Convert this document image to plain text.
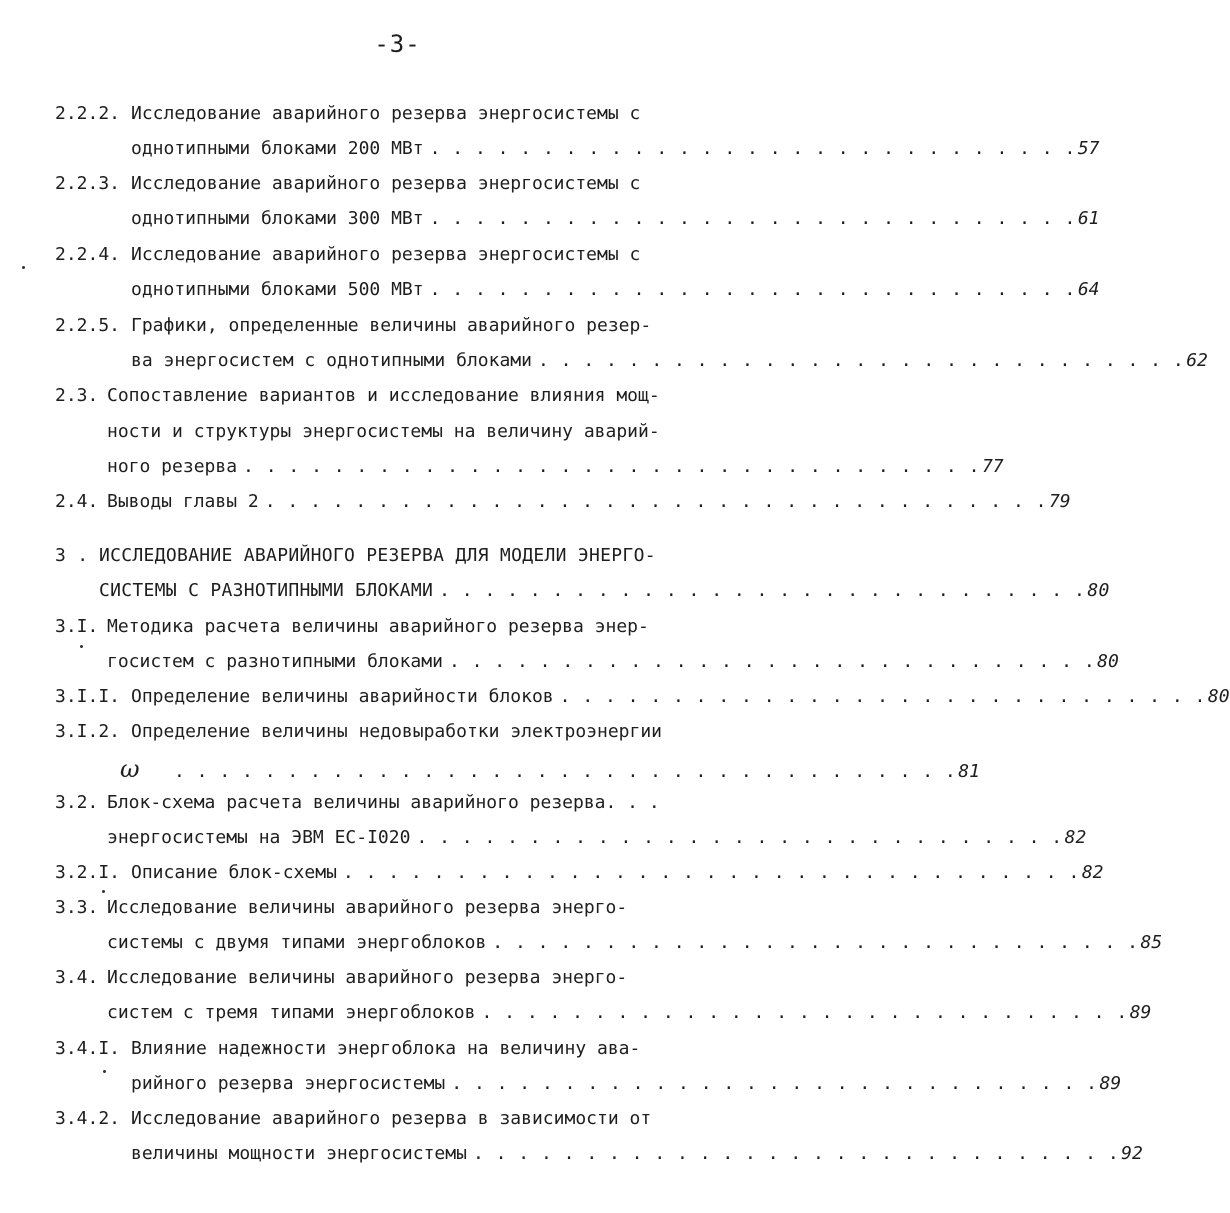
-3-
2.2.2. Исследование аварийного резерва энергосистемы с
однотипными блоками 200 МВт . . . . . . . . . . . . . . . . . . . . . . . . . . . . . 57
2.2.3. Исследование аварийного резерва энергосистемы с
однотипными блоками 300 МВт . . . . . . . . . . . . . . . . . . . . . . . . . . . . . 61
2.2.4. Исследование аварийного резерва энергосистемы с
однотипными блоками 500 МВт . . . . . . . . . . . . . . . . . . . . . . . . . . . . . 64
2.2.5. Графики, определенные величины аварийного резер-
ва энергосистем с однотипными блоками . . . . . . . . . . . . . . . . . . . . . . . . . . . . . 62
2.3. Сопоставление вариантов и исследование влияния мощ-
ности и структуры энергосистемы на величину аварий-
ного резерва . . . . . . . . . . . . . . . . . . . . . . . . . . . . . . . . . 77
2.4. Выводы главы 2 . . . . . . . . . . . . . . . . . . . . . . . . . . . . . . . . . . . 79
3 . ИССЛЕДОВАНИЕ АВАРИЙНОГО РЕЗЕРВА ДЛЯ МОДЕЛИ ЭНЕРГО-
СИСТЕМЫ С РАЗНОТИПНЫМИ БЛОКАМИ . . . . . . . . . . . . . . . . . . . . . . . . . . . . . 80
3.I. Методика расчета величины аварийного резерва энер-
госистем с разнотипными блоками . . . . . . . . . . . . . . . . . . . . . . . . . . . . . 80
3.I.I. Определение величины аварийности блоков . . . . . . . . . . . . . . . . . . . . . . . . . . . . . 80
3.I.2. Определение величины недовыработки электроэнергии
ω	. . . . . . . . . . . . . . . . . . . . . . . . . . . . . . . . . . . 81
3.2. Блок-схема расчета величины аварийного резерва. . .
энергосистемы на ЭВМ ЕС-I020 . . . . . . . . . . . . . . . . . . . . . . . . . . . . . 82
3.2.I. Описание блок-схемы . . . . . . . . . . . . . . . . . . . . . . . . . . . . . . . . . 82
3.3. Исследование величины аварийного резерва энерго-
системы с двумя типами энергоблоков . . . . . . . . . . . . . . . . . . . . . . . . . . . . . 85
3.4. Исследование величины аварийного резерва энерго-
систем с тремя типами энергоблоков . . . . . . . . . . . . . . . . . . . . . . . . . . . . . 89
3.4.I. Влияние надежности энергоблока на величину ава-
рийного резерва энергосистемы . . . . . . . . . . . . . . . . . . . . . . . . . . . . . 89
3.4.2. Исследование аварийного резерва в зависимости от
величины мощности энергосистемы . . . . . . . . . . . . . . . . . . . . . . . . . . . . . 92
